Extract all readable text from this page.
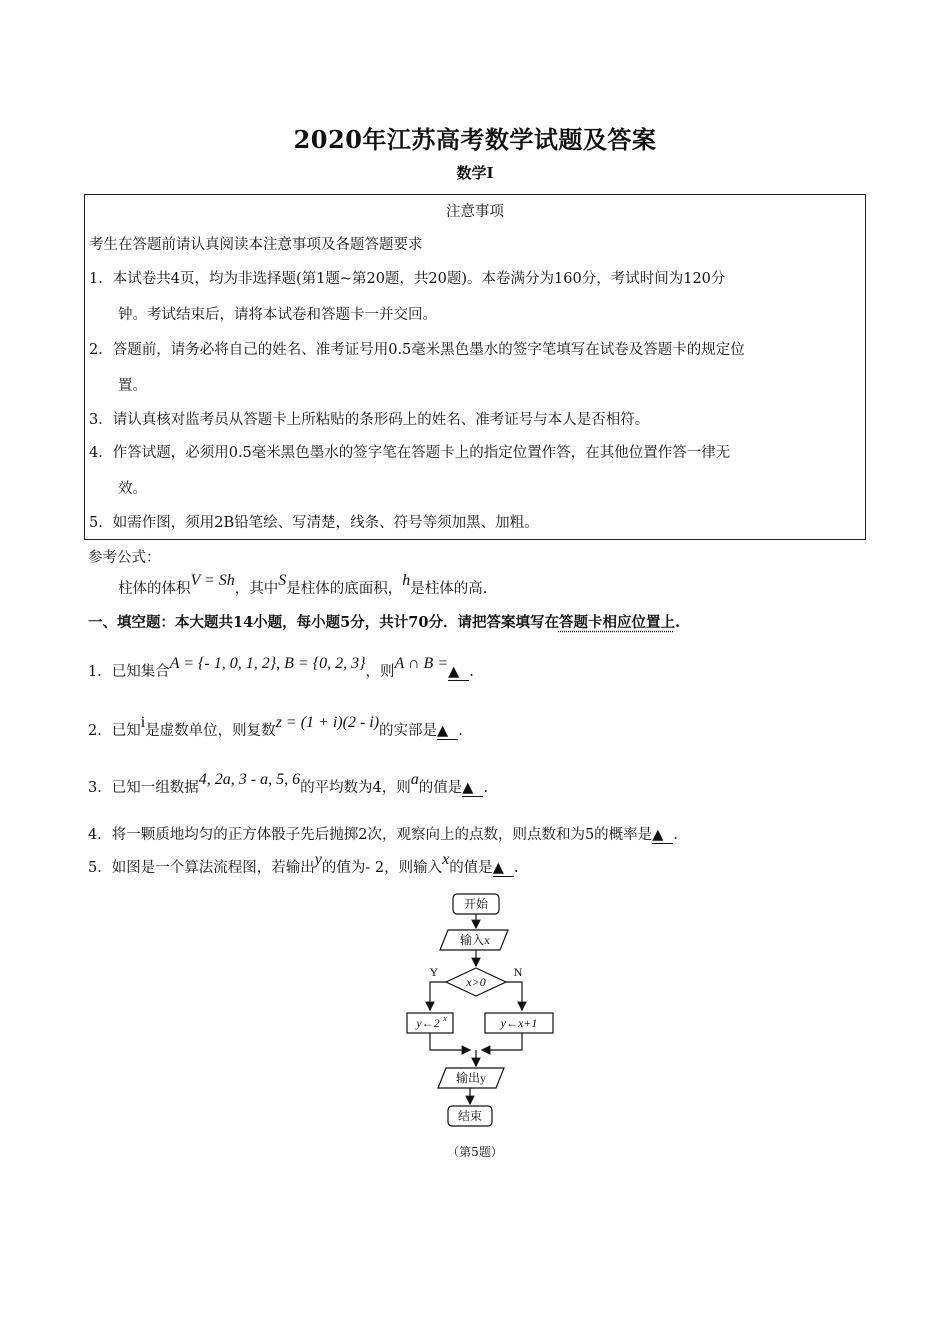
2020年江苏高考数学试题及答案
数学Ⅰ
注意事项
考生在答题前请认真阅读本注意事项及各题答题要求
1．本试卷共4页，均为非选择题(第1题~第20题，共20题)。本卷满分为160分，考试时间为120分
钟。考试结束后，请将本试卷和答题卡一并交回。
2．答题前，请务必将自己的姓名、准考证号用0.5毫米黑色墨水的签字笔填写在试卷及答题卡的规定位
置。
3．请认真核对监考员从答题卡上所粘贴的条形码上的姓名、准考证号与本人是否相符。
4．作答试题，必须用0.5毫米黑色墨水的签字笔在答题卡上的指定位置作答，在其他位置作答一律无
效。
5．如需作图，须用2B铅笔绘、写清楚，线条、符号等须加黑、加粗。
参考公式：
柱体的体积V = Sh，其中S是柱体的底面积，h是柱体的高.
一、填空题：本大题共14小题，每小题5分，共计70分．请把答案填写在答题卡相应位置上.
1．已知集合A = {- 1, 0, 1, 2}, B = {0, 2, 3}，则A ∩ B =▲ .
2．已知i是虚数单位，则复数z = (1 + i)(2 - i)的实部是▲ .
3．已知一组数据4, 2a, 3 - a, 5, 6的平均数为4，则a的值是▲ .
4．将一颗质地均匀的正方体骰子先后抛掷2次，观察向上的点数，则点数和为5的概率是▲ .
5．如图是一个算法流程图，若输出y的值为- 2，则输入x的值是▲ .
开始
输入x
x>0
Y	N
y←2 x	y←x+1
输出y
结束
（第5题）
